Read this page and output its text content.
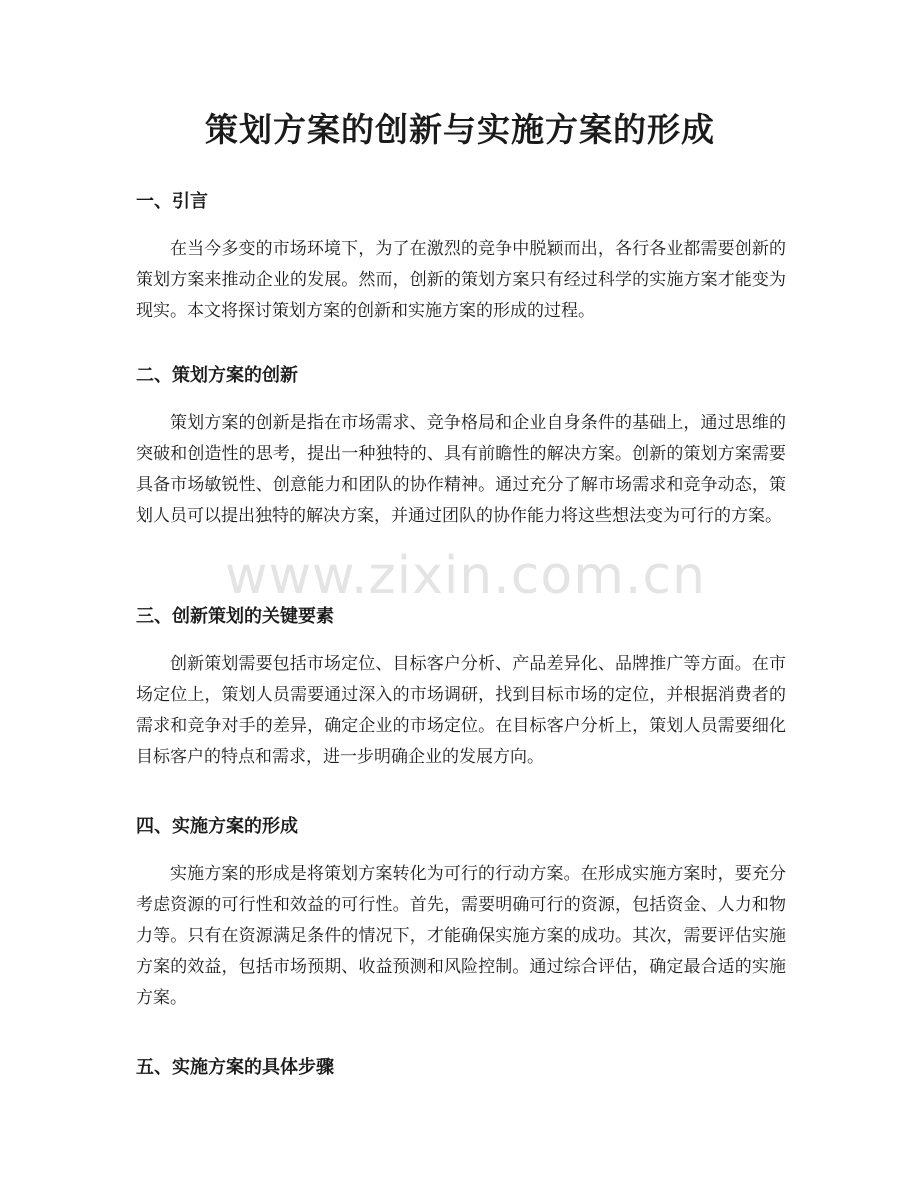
策划方案的创新与实施方案的形成
一、引言

在当今多变的市场环境下，为了在激烈的竞争中脱颖而出，各行各业都需要创新的策划方案来推动企业的发展。然而，创新的策划方案只有经过科学的实施方案才能变为现实。本文将探讨策划方案的创新和实施方案的形成的过程。

二、策划方案的创新

策划方案的创新是指在市场需求、竞争格局和企业自身条件的基础上，通过思维的突破和创造性的思考，提出一种独特的、具有前瞻性的解决方案。创新的策划方案需要具备市场敏锐性、创意能力和团队的协作精神。通过充分了解市场需求和竞争动态，策划人员可以提出独特的解决方案，并通过团队的协作能力将这些想法变为可行的方案。

三、创新策划的关键要素

创新策划需要包括市场定位、目标客户分析、产品差异化、品牌推广等方面。在市场定位上，策划人员需要通过深入的市场调研，找到目标市场的定位，并根据消费者的需求和竞争对手的差异，确定企业的市场定位。在目标客户分析上，策划人员需要细化目标客户的特点和需求，进一步明确企业的发展方向。

四、实施方案的形成

实施方案的形成是将策划方案转化为可行的行动方案。在形成实施方案时，要充分考虑资源的可行性和效益的可行性。首先，需要明确可行的资源，包括资金、人力和物力等。只有在资源满足条件的情况下，才能确保实施方案的成功。其次，需要评估实施方案的效益，包括市场预期、收益预测和风险控制。通过综合评估，确定最合适的实施方案。

五、实施方案的具体步骤
www.zixin.com.cn
